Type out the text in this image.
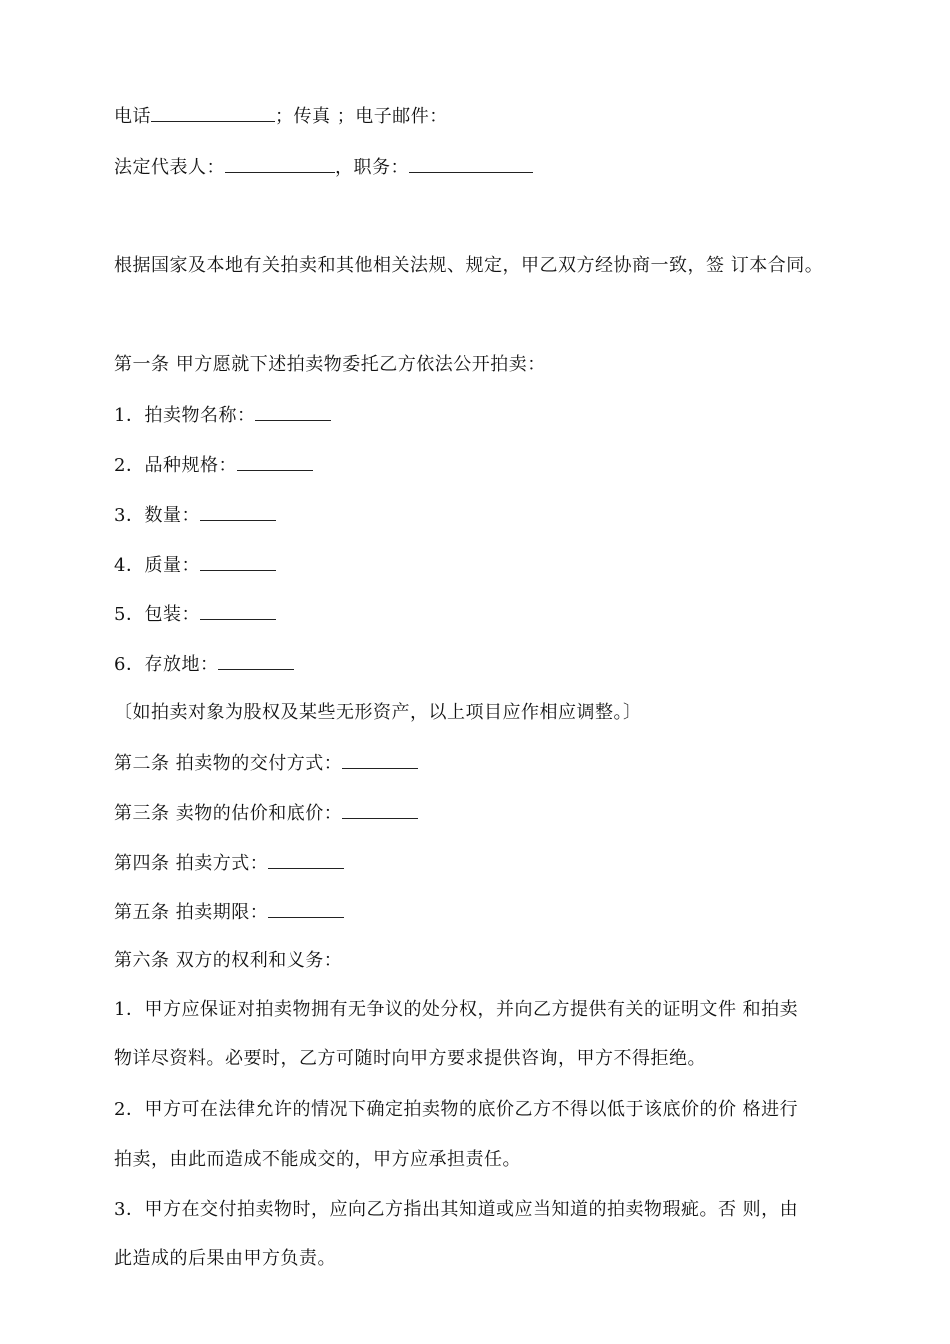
电话	；传真 ；电子邮件：
法定代表人：	，职务：
根据国家及本地有关拍卖和其他相关法规、规定，甲乙双方经协商一致，签 订本合同。
第一条 甲方愿就下述拍卖物委托乙方依法公开拍卖：
1．拍卖物名称：
2．品种规格：
3．数量：
4．质量：
5．包装：
6．存放地：
〔如拍卖对象为股权及某些无形资产，以上项目应作相应调整。〕
第二条 拍卖物的交付方式：
第三条 卖物的估价和底价：
第四条 拍卖方式：
第五条 拍卖期限：
第六条 双方的权利和义务：
1．甲方应保证对拍卖物拥有无争议的处分权，并向乙方提供有关的证明文件 和拍卖
物详尽资料。必要时，乙方可随时向甲方要求提供咨询，甲方不得拒绝。
2．甲方可在法律允许的情况下确定拍卖物的底价乙方不得以低于该底价的价 格进行
拍卖，由此而造成不能成交的，甲方应承担责任。
3．甲方在交付拍卖物时，应向乙方指出其知道或应当知道的拍卖物瑕疵。否 则，由
此造成的后果由甲方负责。
